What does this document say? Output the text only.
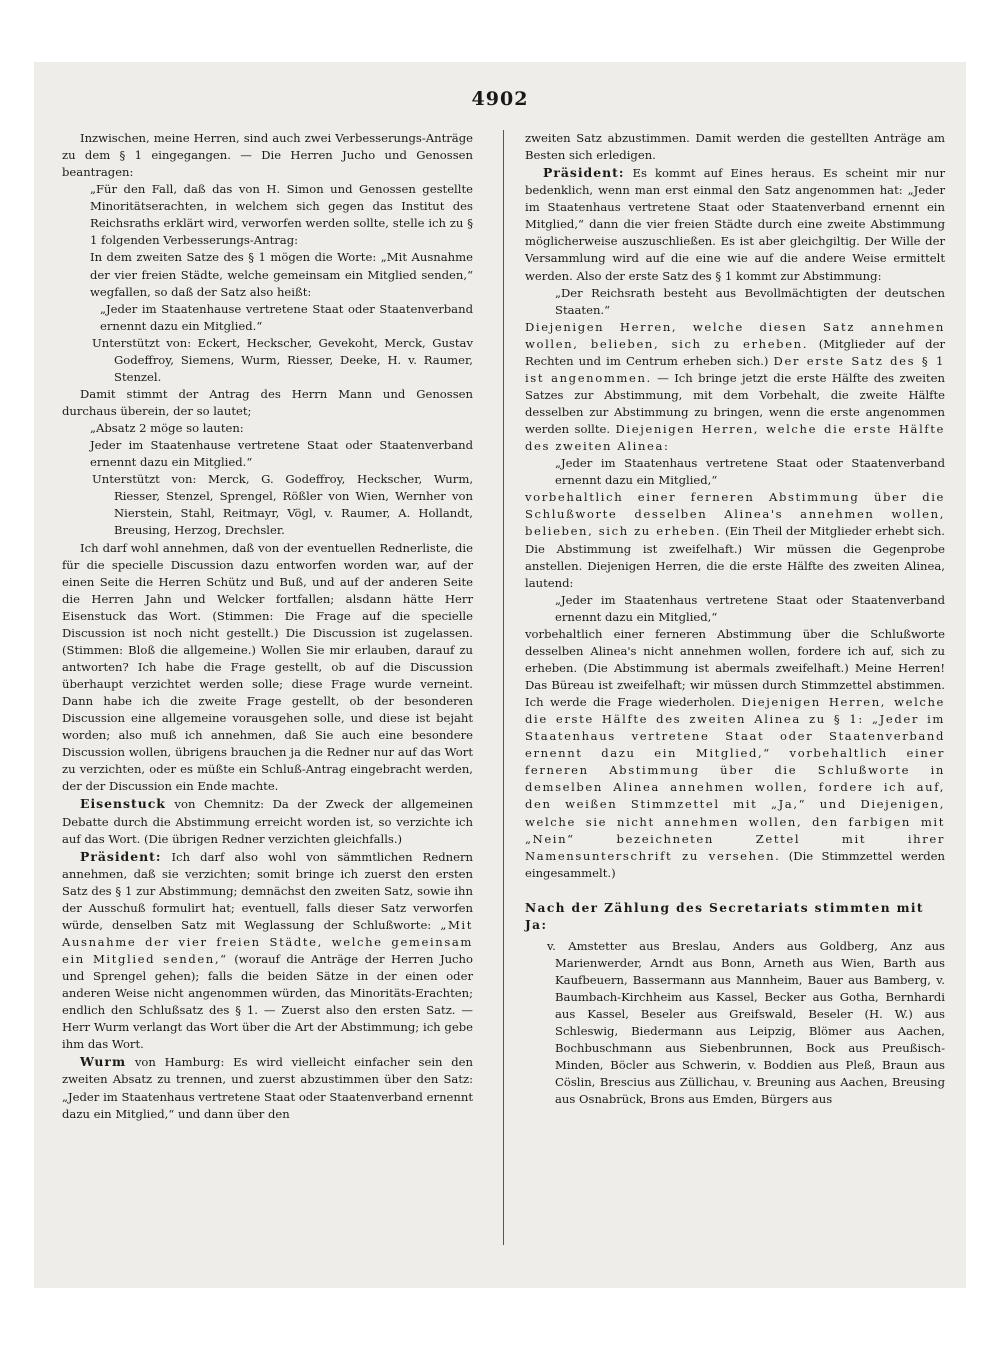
4902

Inzwischen, meine Herren, sind auch zwei Verbesserungs-Anträge zu dem § 1 eingegangen. — Die Herren Jucho und Genossen beantragen:

„Für den Fall, daß das von H. Simon und Genossen gestellte Minoritätserachten, in welchem sich gegen das Institut des Reichsraths erklärt wird, verworfen werden sollte, stelle ich zu § 1 folgenden Verbesserungs-Antrag:

In dem zweiten Satze des § 1 mögen die Worte: „Mit Ausnahme der vier freien Städte, welche gemeinsam ein Mitglied senden,“ wegfallen, so daß der Satz also heißt:

„Jeder im Staatenhause vertretene Staat oder Staatenverband ernennt dazu ein Mitglied.“

Unterstützt von: Eckert, Heckscher, Gevekoht, Merck, Gustav Godeffroy, Siemens, Wurm, Riesser, Deeke, H. v. Raumer, Stenzel.

Damit stimmt der Antrag des Herrn Mann und Genossen durchaus überein, der so lautet;

„Absatz 2 möge so lauten:

Jeder im Staatenhause vertretene Staat oder Staatenverband ernennt dazu ein Mitglied.“

Unterstützt von: Merck, G. Godeffroy, Heckscher, Wurm, Riesser, Stenzel, Sprengel, Rößler von Wien, Wernher von Nierstein, Stahl, Reitmayr, Vögl, v. Raumer, A. Hollandt, Breusing, Herzog, Drechsler.

Ich darf wohl annehmen, daß von der eventuellen Rednerliste, die für die specielle Discussion dazu entworfen worden war, auf der einen Seite die Herren Schütz und Buß, und auf der anderen Seite die Herren Jahn und Welcker fortfallen; alsdann hätte Herr Eisenstuck das Wort. (Stimmen: Die Frage auf die specielle Discussion ist noch nicht gestellt.) Die Discussion ist zugelassen. (Stimmen: Bloß die allgemeine.) Wollen Sie mir erlauben, darauf zu antworten? Ich habe die Frage gestellt, ob auf die Discussion überhaupt verzichtet werden solle; diese Frage wurde verneint. Dann habe ich die zweite Frage gestellt, ob der besonderen Discussion eine allgemeine vorausgehen solle, und diese ist bejaht worden; also muß ich annehmen, daß Sie auch eine besondere Discussion wollen, übrigens brauchen ja die Redner nur auf das Wort zu verzichten, oder es müßte ein Schluß-Antrag eingebracht werden, der der Discussion ein Ende machte.

Eisenstuck von Chemnitz: Da der Zweck der allgemeinen Debatte durch die Abstimmung erreicht worden ist, so verzichte ich auf das Wort. (Die übrigen Redner verzichten gleichfalls.)

Präsident: Ich darf also wohl von sämmtlichen Rednern annehmen, daß sie verzichten; somit bringe ich zuerst den ersten Satz des § 1 zur Abstimmung; demnächst den zweiten Satz, sowie ihn der Ausschuß formulirt hat; eventuell, falls dieser Satz verworfen würde, denselben Satz mit Weglassung der Schlußworte: „Mit Ausnahme der vier freien Städte, welche gemeinsam ein Mitglied senden,“ (worauf die Anträge der Herren Jucho und Sprengel gehen); falls die beiden Sätze in der einen oder anderen Weise nicht angenommen würden, das Minoritäts-Erachten; endlich den Schlußsatz des § 1. — Zuerst also den ersten Satz. — Herr Wurm verlangt das Wort über die Art der Abstimmung; ich gebe ihm das Wort.

Wurm von Hamburg: Es wird vielleicht einfacher sein den zweiten Absatz zu trennen, und zuerst abzustimmen über den Satz: „Jeder im Staatenhaus vertretene Staat oder Staatenverband ernennt dazu ein Mitglied,“ und dann über den

zweiten Satz abzustimmen. Damit werden die gestellten Anträge am Besten sich erledigen.

Präsident: Es kommt auf Eines heraus. Es scheint mir nur bedenklich, wenn man erst einmal den Satz angenommen hat: „Jeder im Staatenhaus vertretene Staat oder Staatenverband ernennt ein Mitglied,“ dann die vier freien Städte durch eine zweite Abstimmung möglicherweise auszuschließen. Es ist aber gleichgiltig. Der Wille der Versammlung wird auf die eine wie auf die andere Weise ermittelt werden. Also der erste Satz des § 1 kommt zur Abstimmung:

„Der Reichsrath besteht aus Bevollmächtigten der deutschen Staaten.“

Diejenigen Herren, welche diesen Satz annehmen wollen, belieben, sich zu erheben. (Mitglieder auf der Rechten und im Centrum erheben sich.) Der erste Satz des § 1 ist angenommen. — Ich bringe jetzt die erste Hälfte des zweiten Satzes zur Abstimmung, mit dem Vorbehalt, die zweite Hälfte desselben zur Abstimmung zu bringen, wenn die erste angenommen werden sollte. Diejenigen Herren, welche die erste Hälfte des zweiten Alinea:

„Jeder im Staatenhaus vertretene Staat oder Staatenverband ernennt dazu ein Mitglied,“

vorbehaltlich einer ferneren Abstimmung über die Schlußworte desselben Alinea's annehmen wollen, belieben, sich zu erheben. (Ein Theil der Mitglieder erhebt sich. Die Abstimmung ist zweifelhaft.) Wir müssen die Gegenprobe anstellen. Diejenigen Herren, die die erste Hälfte des zweiten Alinea, lautend:

„Jeder im Staatenhaus vertretene Staat oder Staatenverband ernennt dazu ein Mitglied,“

vorbehaltlich einer ferneren Abstimmung über die Schlußworte desselben Alinea's nicht annehmen wollen, fordere ich auf, sich zu erheben. (Die Abstimmung ist abermals zweifelhaft.) Meine Herren! Das Büreau ist zweifelhaft; wir müssen durch Stimmzettel abstimmen. Ich werde die Frage wiederholen. Diejenigen Herren, welche die erste Hälfte des zweiten Alinea zu § 1: „Jeder im Staatenhaus vertretene Staat oder Staatenverband ernennt dazu ein Mitglied,“ vorbehaltlich einer ferneren Abstimmung über die Schlußworte in demselben Alinea annehmen wollen, fordere ich auf, den weißen Stimmzettel mit „Ja,“ und Diejenigen, welche sie nicht annehmen wollen, den farbigen mit „Nein“ bezeichneten Zettel mit ihrer Namensunterschrift zu versehen. (Die Stimmzettel werden eingesammelt.)

Nach der Zählung des Secretariats stimmten mit Ja:

v. Amstetter aus Breslau, Anders aus Goldberg, Anz aus Marienwerder, Arndt aus Bonn, Arneth aus Wien, Barth aus Kaufbeuern, Bassermann aus Mannheim, Bauer aus Bamberg, v. Baumbach-Kirchheim aus Kassel, Becker aus Gotha, Bernhardi aus Kassel, Beseler aus Greifswald, Beseler (H. W.) aus Schleswig, Biedermann aus Leipzig, Blömer aus Aachen, Bochbuschmann aus Siebenbrunnen, Bock aus Preußisch-Minden, Böcler aus Schwerin, v. Boddien aus Pleß, Braun aus Cöslin, Brescius aus Züllichau, v. Breuning aus Aachen, Breusing aus Osnabrück, Brons aus Emden, Bürgers aus
